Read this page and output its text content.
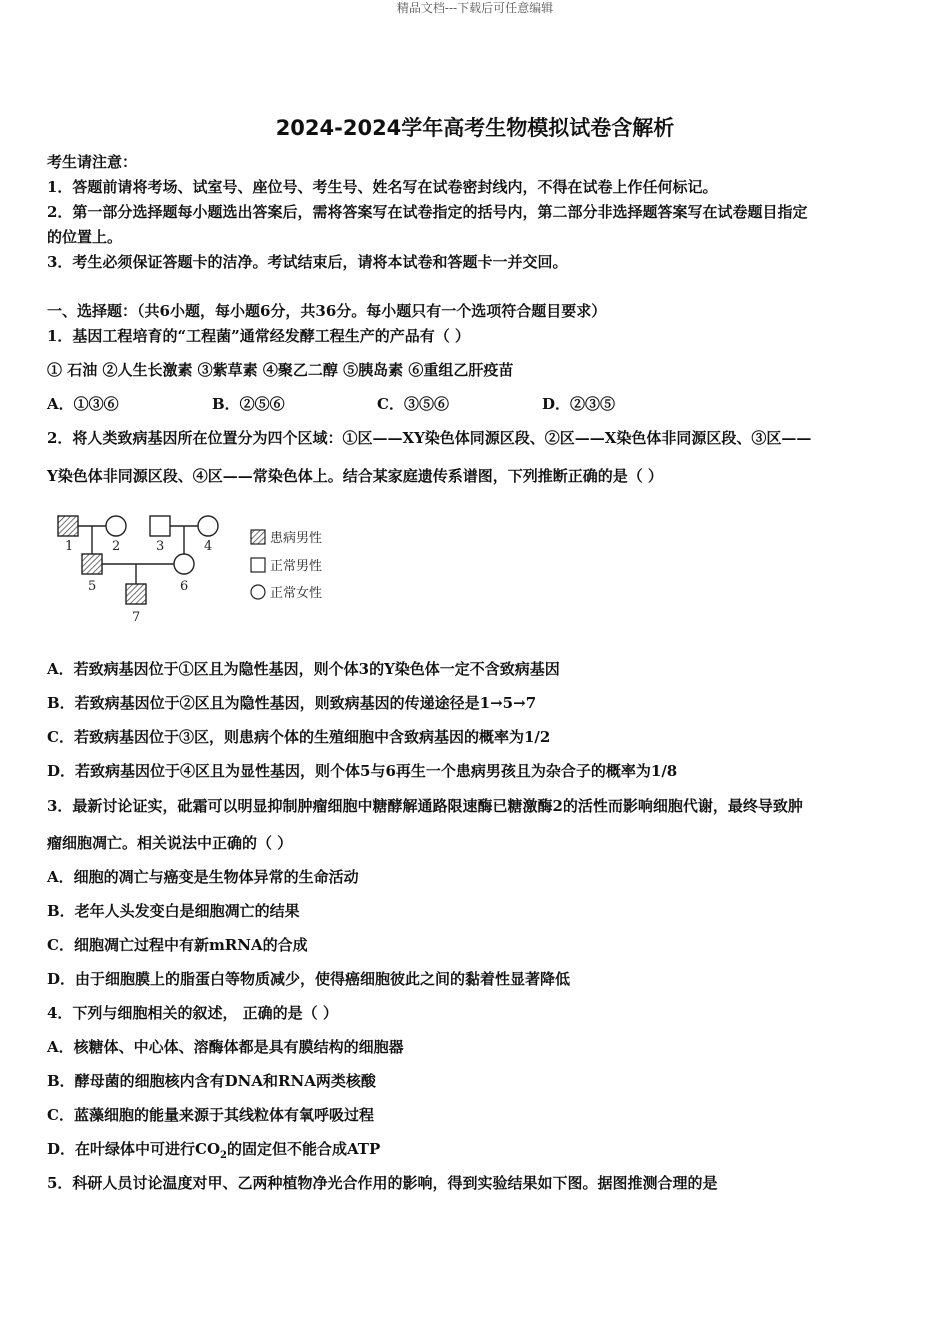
精品文档---下载后可任意编辑
2024-2024学年高考生物模拟试卷含解析
考生请注意：
1．答题前请将考场、试室号、座位号、考生号、姓名写在试卷密封线内，不得在试卷上作任何标记。
2．第一部分选择题每小题选出答案后，需将答案写在试卷指定的括号内，第二部分非选择题答案写在试卷题目指定
的位置上。
3．考生必须保证答题卡的洁净。考试结束后，请将本试卷和答题卡一并交回。
一、选择题：（共6小题，每小题6分，共36分。每小题只有一个选项符合题目要求）
1．基因工程培育的“工程菌”通常经发酵工程生产的产品有（ ）
① 石油 ②人生长激素 ③紫草素 ④聚乙二醇 ⑤胰岛素 ⑥重组乙肝疫苗
A．①③⑥	B．②⑤⑥	C．③⑤⑥	D．②③⑤
2．将人类致病基因所在位置分为四个区域：①区——XY染色体同源区段、②区——X染色体非同源区段、③区——
Y染色体非同源区段、④区——常染色体上。结合某家庭遗传系谱图，下列推断正确的是（ ）
1	2	3	4
5	6
7
患病男性
正常男性
正常女性
A．若致病基因位于①区且为隐性基因，则个体3的Y染色体一定不含致病基因
B．若致病基因位于②区且为隐性基因，则致病基因的传递途径是1→5→7
C．若致病基因位于③区，则患病个体的生殖细胞中含致病基因的概率为1/2
D．若致病基因位于④区且为显性基因，则个体5与6再生一个患病男孩且为杂合子的概率为1/8
3．最新讨论证实，砒霜可以明显抑制肿瘤细胞中糖酵解通路限速酶已糖激酶2的活性而影响细胞代谢，最终导致肿
瘤细胞凋亡。相关说法中正确的（ ）
A．细胞的凋亡与癌变是生物体异常的生命活动
B．老年人头发变白是细胞凋亡的结果
C．细胞凋亡过程中有新mRNA的合成
D．由于细胞膜上的脂蛋白等物质减少，使得癌细胞彼此之间的黏着性显著降低
4．下列与细胞相关的叙述， 正确的是（ ）
A．核糖体、中心体、溶酶体都是具有膜结构的细胞器
B．酵母菌的细胞核内含有DNA和RNA两类核酸
C．蓝藻细胞的能量来源于其线粒体有氧呼吸过程
D．在叶绿体中可进行$CO_2$的固定但不能合成ATP
5．科研人员讨论温度对甲、乙两种植物净光合作用的影响，得到实验结果如下图。据图推测合理的是
